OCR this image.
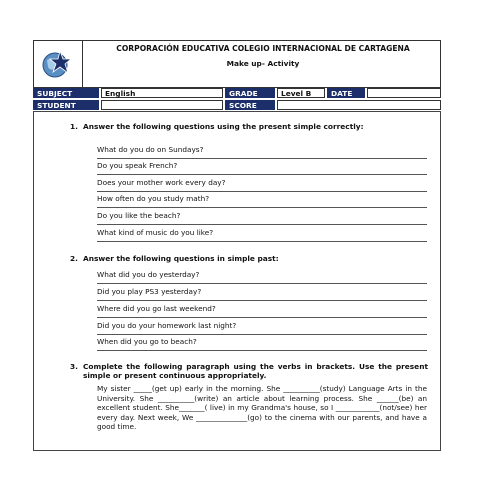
CORPORACIÓN EDUCATIVA COLEGIO INTERNACIONAL DE CARTAGENA
Make up- Activity
SUBJECT	English	GRADE	Level B	DATE
STUDENT	SCORE
1. Answer the following questions using the present simple correctly:
What do you do on Sundays?
Do you speak French?
Does your mother work every day?
How often do you study math?
Do you like the beach?
What kind of music do you like?
2. Answer the following questions in simple past:
What did you do yesterday?
Did you play PS3 yesterday?
Where did you go last weekend?
Did you do your homework last night?
When did you go to beach?
3. Complete the following paragraph using the verbs in brackets. Use the present simple or present continuous appropriately.
My sister _____(get up) early in the morning. She __________(study) Language Arts in the University. She __________(write) an article about learning process. She ______(be) an excellent student. She_______( live) in my Grandma's house, so I ____________(not/see) her every day. Next week, We ______________(go) to the cinema with our parents, and have a good time.
